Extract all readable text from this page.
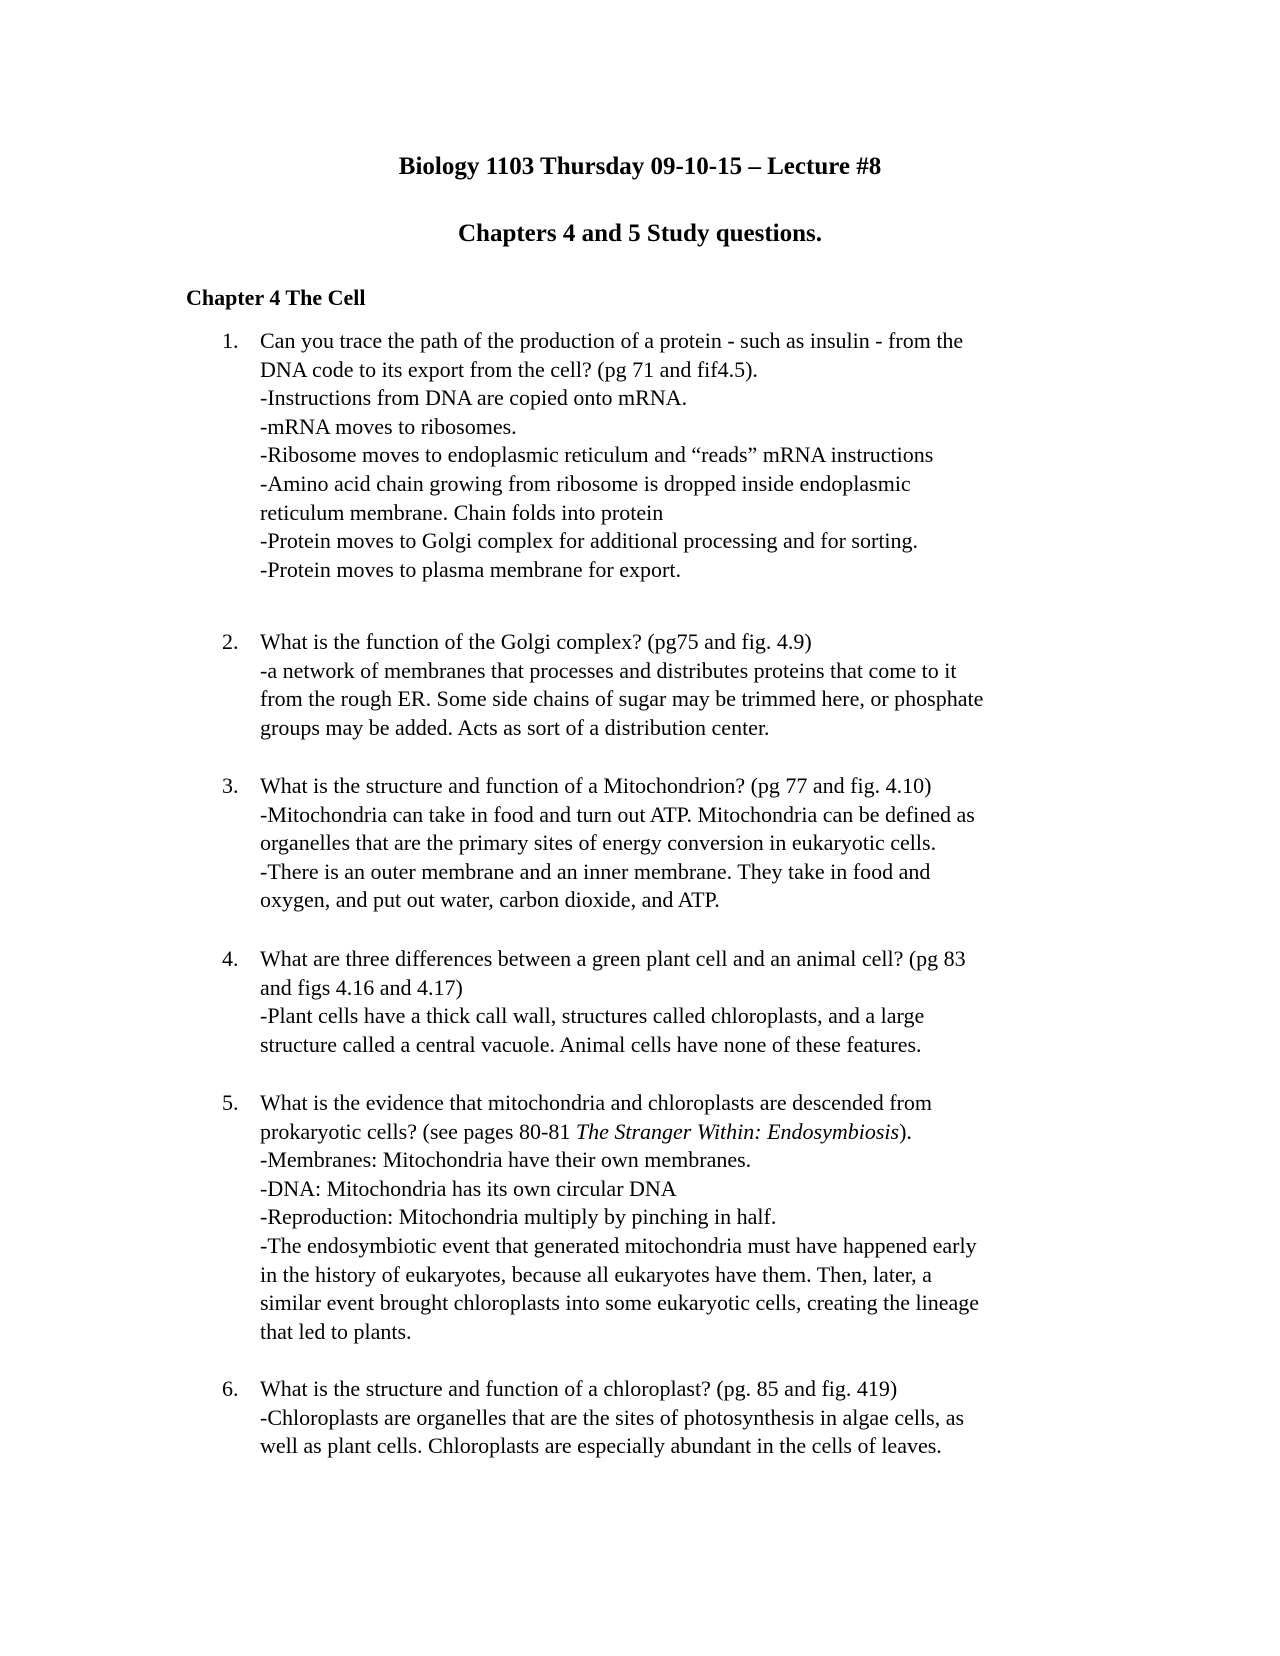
Biology 1103 Thursday 09-10-15 – Lecture #8
Chapters 4 and 5 Study questions.
Chapter 4 The Cell
1. Can you trace the path of the production of a protein - such as insulin - from the
DNA code to its export from the cell? (pg 71 and fif4.5).
-Instructions from DNA are copied onto mRNA.
-mRNA moves to ribosomes.
-Ribosome moves to endoplasmic reticulum and “reads” mRNA instructions
-Amino acid chain growing from ribosome is dropped inside endoplasmic
reticulum membrane. Chain folds into protein
-Protein moves to Golgi complex for additional processing and for sorting.
-Protein moves to plasma membrane for export.
2. What is the function of the Golgi complex? (pg75 and fig. 4.9)
-a network of membranes that processes and distributes proteins that come to it
from the rough ER. Some side chains of sugar may be trimmed here, or phosphate
groups may be added. Acts as sort of a distribution center.
3. What is the structure and function of a Mitochondrion? (pg 77 and fig. 4.10)
-Mitochondria can take in food and turn out ATP. Mitochondria can be defined as
organelles that are the primary sites of energy conversion in eukaryotic cells.
-There is an outer membrane and an inner membrane. They take in food and
oxygen, and put out water, carbon dioxide, and ATP.
4. What are three differences between a green plant cell and an animal cell? (pg 83
and figs 4.16 and 4.17)
-Plant cells have a thick call wall, structures called chloroplasts, and a large
structure called a central vacuole. Animal cells have none of these features.
5. What is the evidence that mitochondria and chloroplasts are descended from
prokaryotic cells? (see pages 80-81 The Stranger Within: Endosymbiosis).
-Membranes: Mitochondria have their own membranes.
-DNA: Mitochondria has its own circular DNA
-Reproduction: Mitochondria multiply by pinching in half.
-The endosymbiotic event that generated mitochondria must have happened early
in the history of eukaryotes, because all eukaryotes have them. Then, later, a
similar event brought chloroplasts into some eukaryotic cells, creating the lineage
that led to plants.
6. What is the structure and function of a chloroplast? (pg. 85 and fig. 419)
-Chloroplasts are organelles that are the sites of photosynthesis in algae cells, as
well as plant cells. Chloroplasts are especially abundant in the cells of leaves.
